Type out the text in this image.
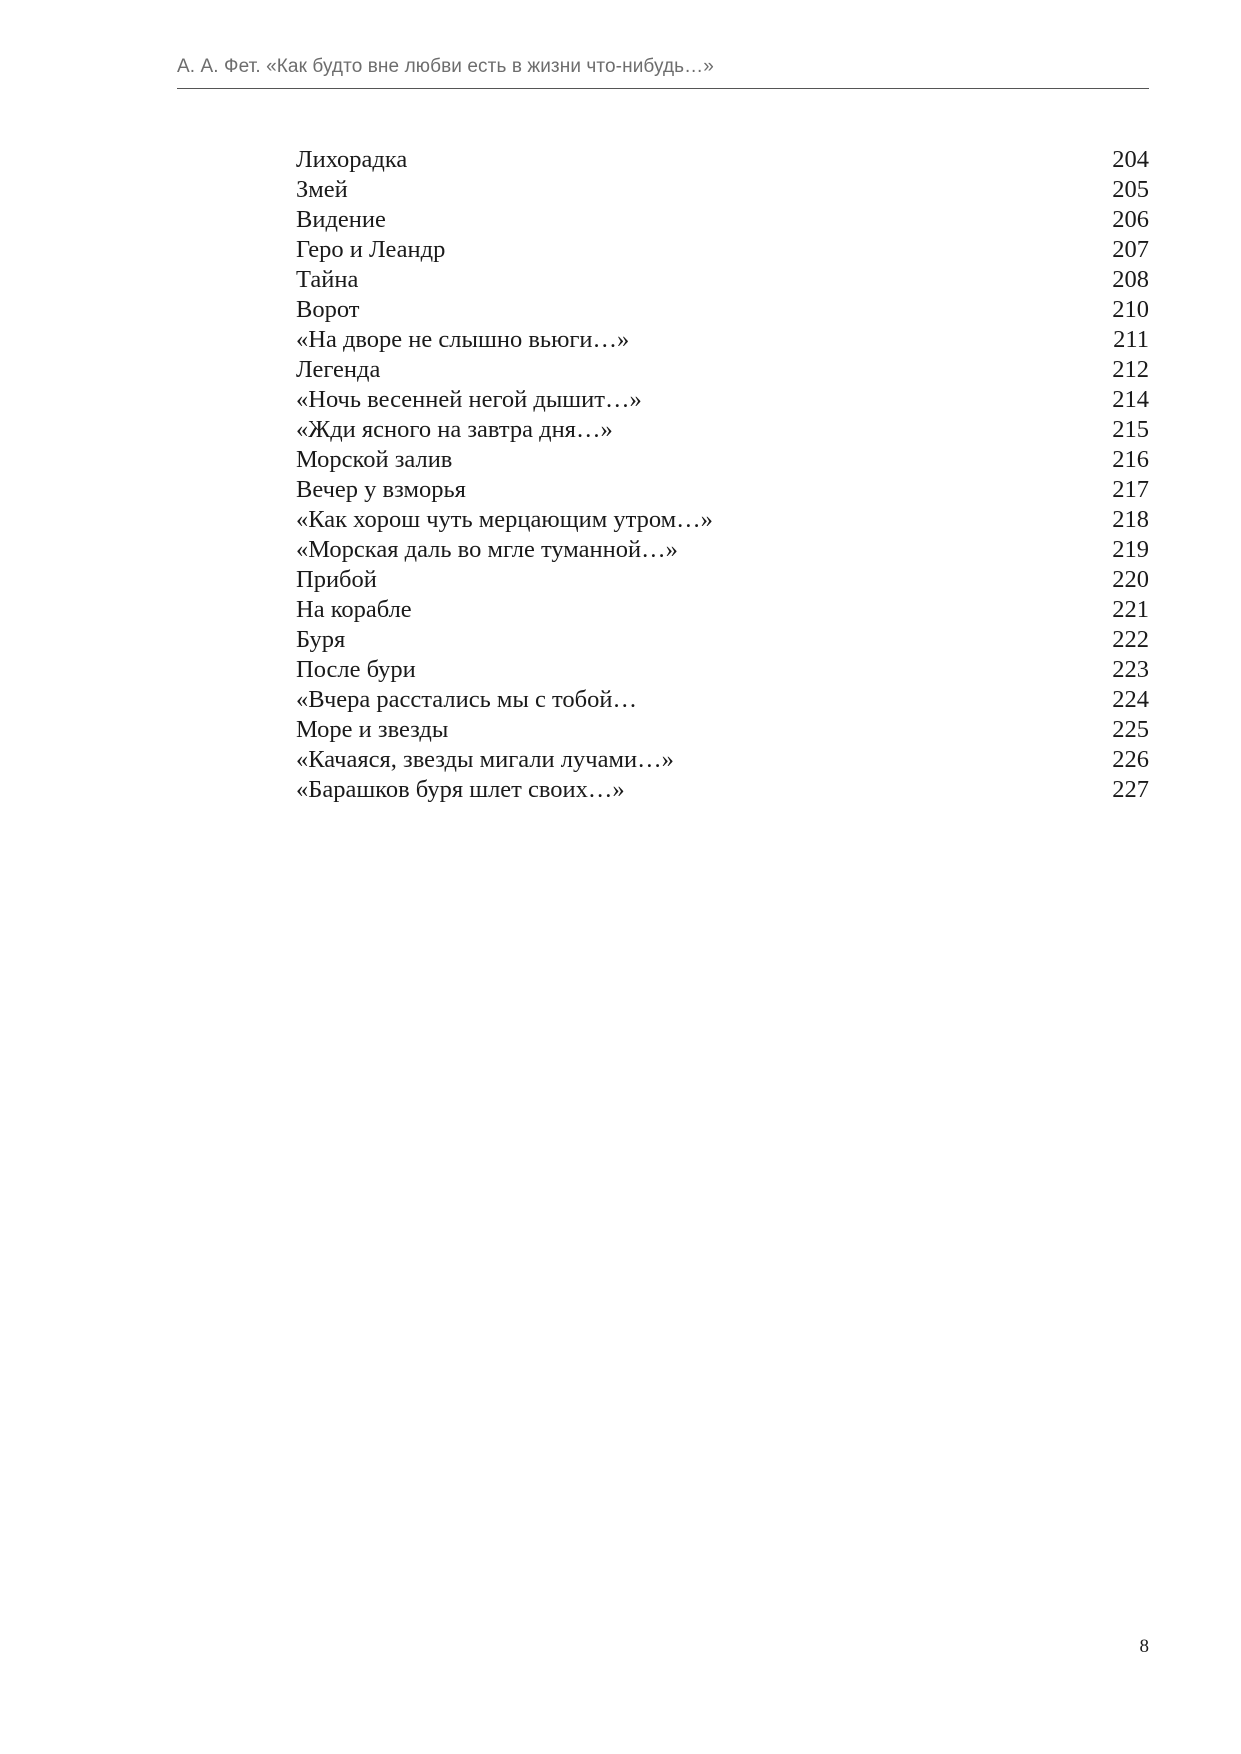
А. А. Фет. «Как будто вне любви есть в жизни что-нибудь…»
Лихорадка	204
Змей	205
Видение	206
Геро и Леандр	207
Тайна	208
Ворот	210
«На дворе не слышно вьюги…»	211
Легенда	212
«Ночь весенней негой дышит…»	214
«Жди ясного на завтра дня…»	215
Морской залив	216
Вечер у взморья	217
«Как хорош чуть мерцающим утром…»	218
«Морская даль во мгле туманной…»	219
Прибой	220
На корабле	221
Буря	222
После бури	223
«Вчера расстались мы с тобой…	224
Море и звезды	225
«Качаяся, звезды мигали лучами…»	226
«Барашков буря шлет своих…»	227
8
